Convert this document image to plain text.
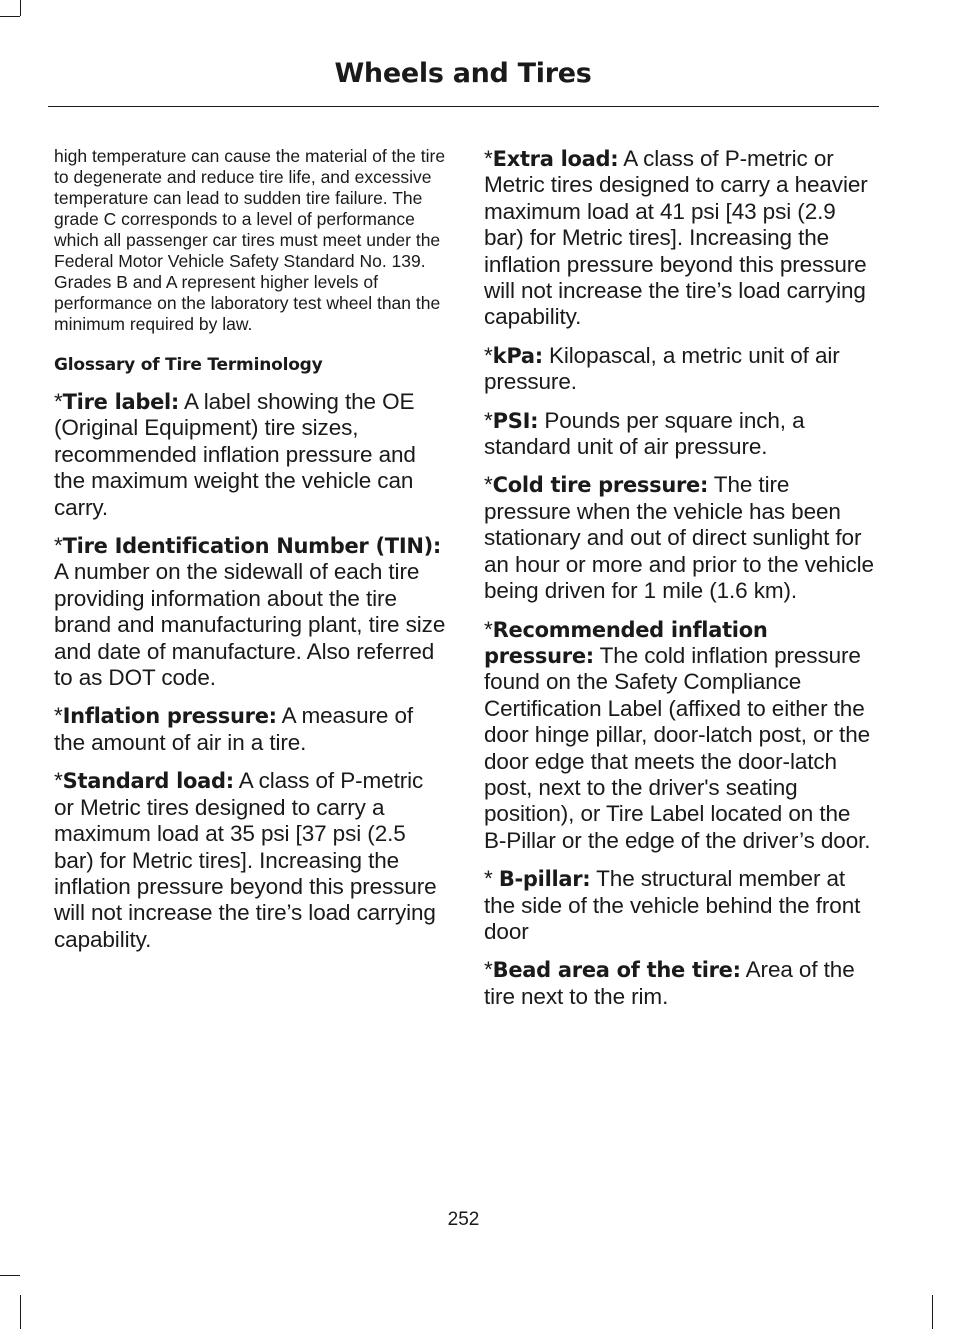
Wheels and Tires

high temperature can cause the material of the tire to degenerate and reduce tire life, and excessive temperature can lead to sudden tire failure. The grade C corresponds to a level of performance which all passenger car tires must meet under the Federal Motor Vehicle Safety Standard No. 139. Grades B and A represent higher levels of performance on the laboratory test wheel than the minimum required by law.

Glossary of Tire Terminology

*Tire label: A label showing the OE (Original Equipment) tire sizes, recommended inflation pressure and the maximum weight the vehicle can carry.

*Tire Identification Number (TIN): A number on the sidewall of each tire providing information about the tire brand and manufacturing plant, tire size and date of manufacture. Also referred to as DOT code.

*Inflation pressure: A measure of the amount of air in a tire.

*Standard load: A class of P-metric or Metric tires designed to carry a maximum load at 35 psi [37 psi (2.5 bar) for Metric tires]. Increasing the inflation pressure beyond this pressure will not increase the tire’s load carrying capability.

*Extra load: A class of P-metric or Metric tires designed to carry a heavier maximum load at 41 psi [43 psi (2.9 bar) for Metric tires]. Increasing the inflation pressure beyond this pressure will not increase the tire’s load carrying capability.

*kPa: Kilopascal, a metric unit of air pressure.

*PSI: Pounds per square inch, a standard unit of air pressure.

*Cold tire pressure: The tire pressure when the vehicle has been stationary and out of direct sunlight for an hour or more and prior to the vehicle being driven for 1 mile (1.6 km).

*Recommended inflation pressure: The cold inflation pressure found on the Safety Compliance Certification Label (affixed to either the door hinge pillar, door-latch post, or the door edge that meets the door-latch post, next to the driver's seating position), or Tire Label located on the B-Pillar or the edge of the driver’s door.

* B-pillar: The structural member at the side of the vehicle behind the front door

*Bead area of the tire: Area of the tire next to the rim.

252
